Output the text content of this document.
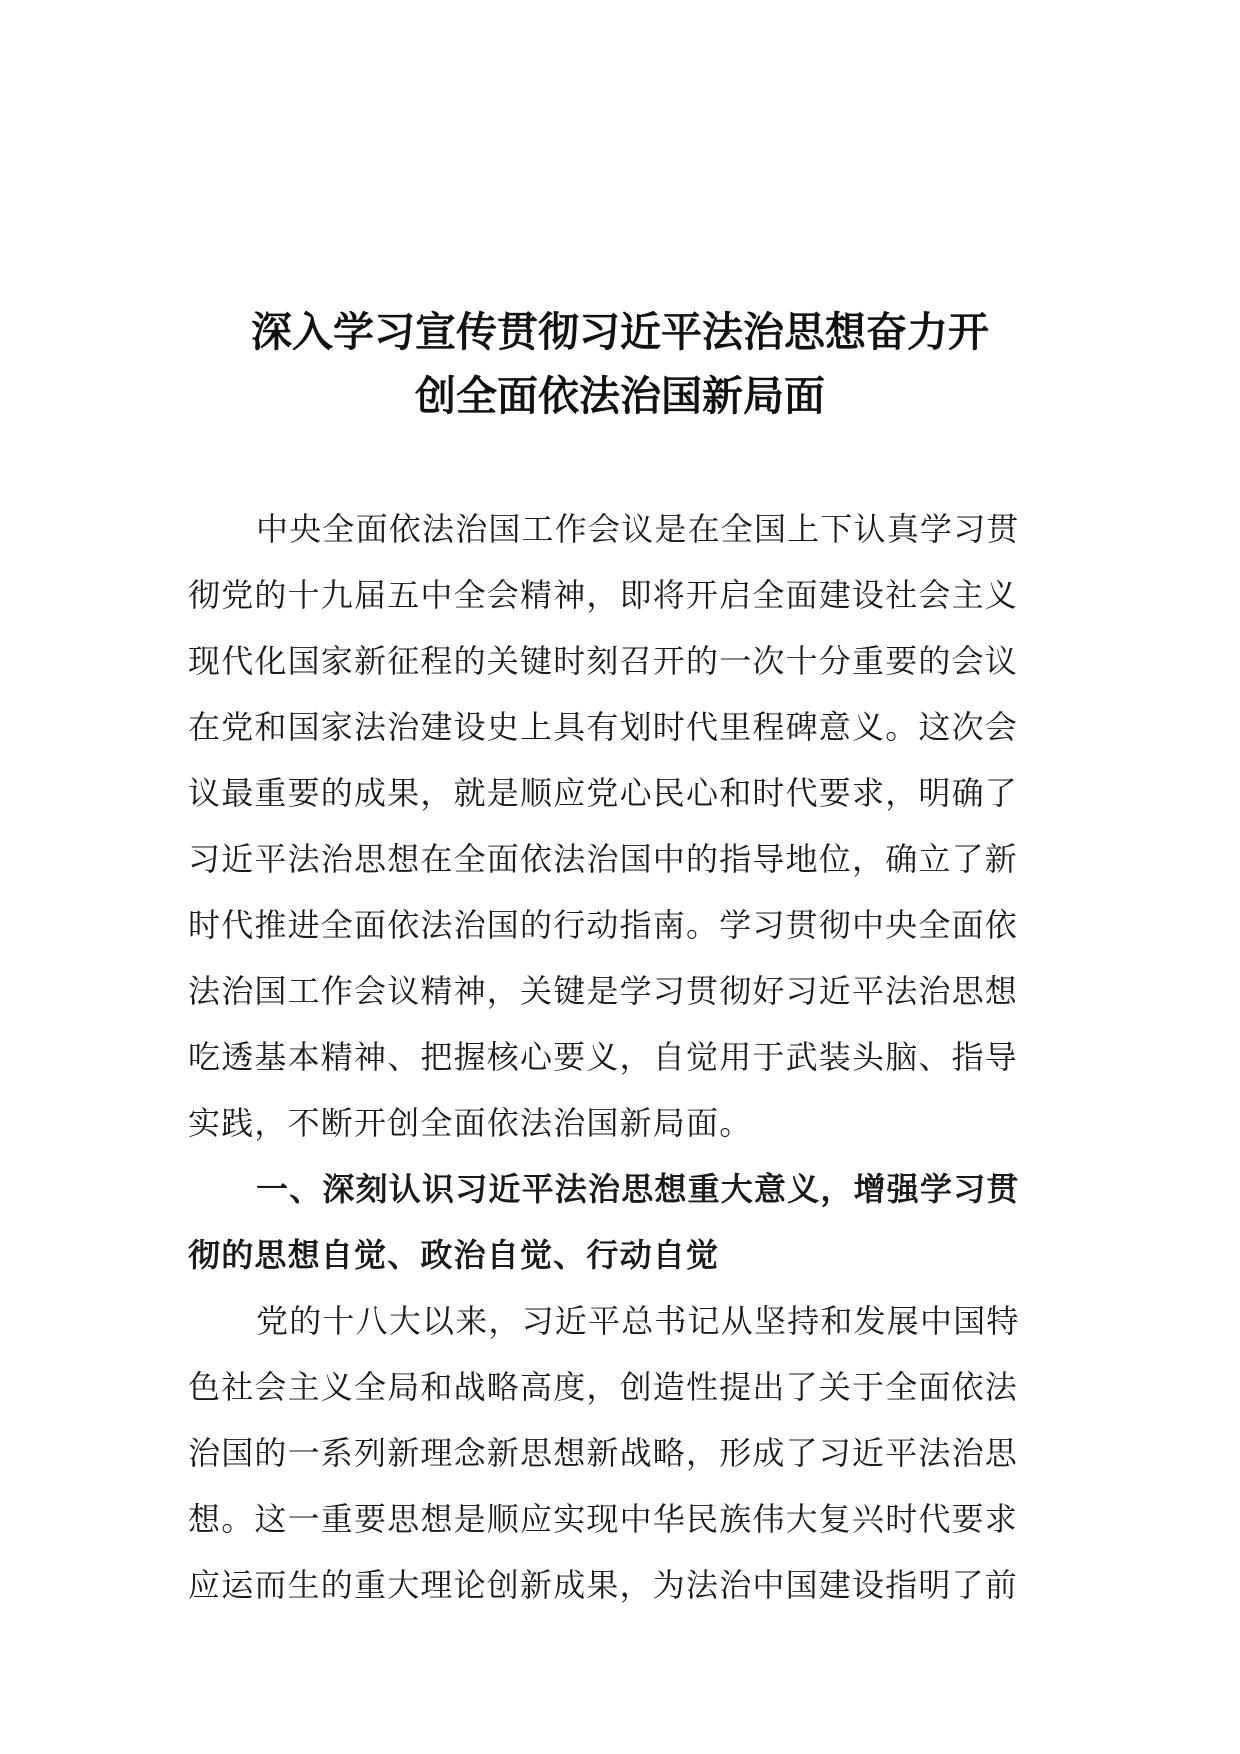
深入学习宣传贯彻习近平法治思想奋力开
创全面依法治国新局面
中央全面依法治国工作会议是在全国上下认真学习贯
彻党的十九届五中全会精神，即将开启全面建设社会主义
现代化国家新征程的关键时刻召开的一次十分重要的会议
在党和国家法治建设史上具有划时代里程碑意义。这次会
议最重要的成果，就是顺应党心民心和时代要求，明确了
习近平法治思想在全面依法治国中的指导地位，确立了新
时代推进全面依法治国的行动指南。学习贯彻中央全面依
法治国工作会议精神，关键是学习贯彻好习近平法治思想
吃透基本精神、把握核心要义，自觉用于武装头脑、指导
实践，不断开创全面依法治国新局面。
一、深刻认识习近平法治思想重大意义，增强学习贯
彻的思想自觉、政治自觉、行动自觉
党的十八大以来，习近平总书记从坚持和发展中国特
色社会主义全局和战略高度，创造性提出了关于全面依法
治国的一系列新理念新思想新战略，形成了习近平法治思
想。这一重要思想是顺应实现中华民族伟大复兴时代要求
应运而生的重大理论创新成果，为法治中国建设指明了前
